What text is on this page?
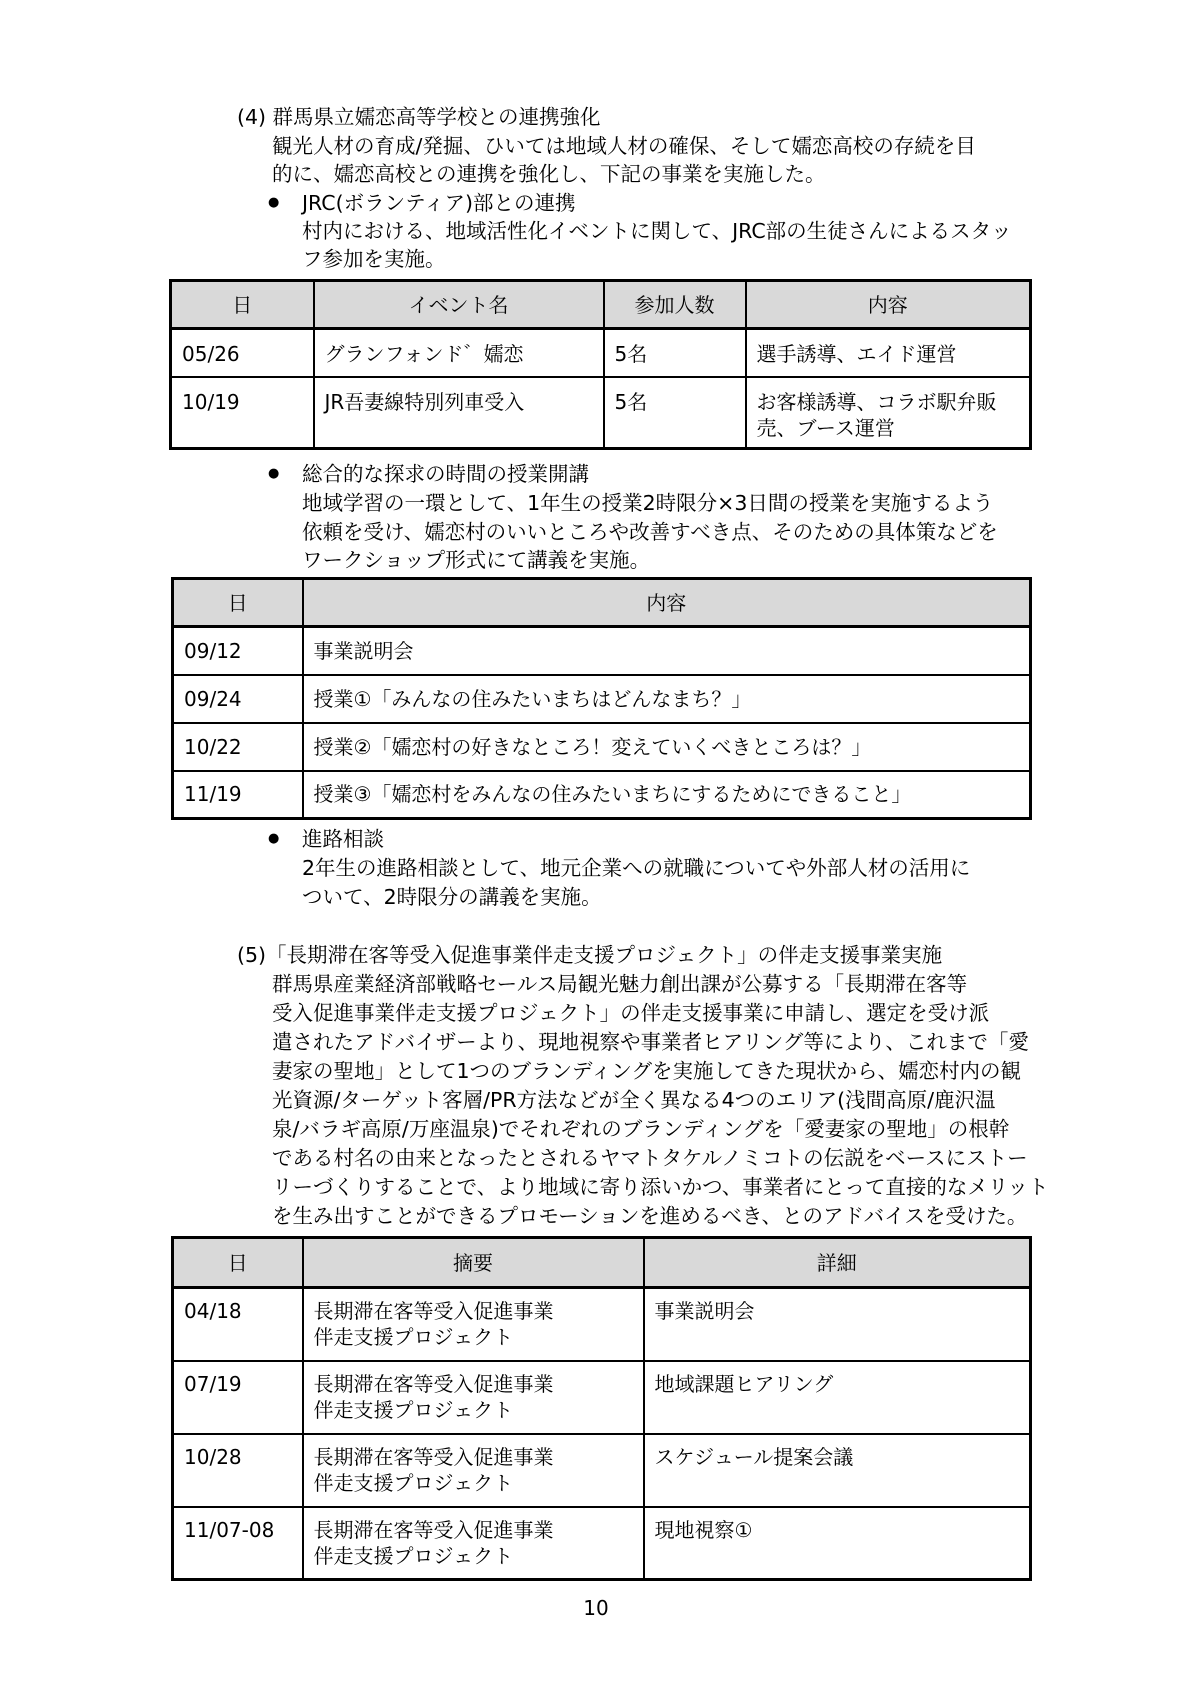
(4) 群馬県立嬬恋高等学校との連携強化
観光人材の育成/発掘、ひいては地域人材の確保、そして嬬恋高校の存続を目
的に、嬬恋高校との連携を強化し、下記の事業を実施した。
● JRC(ボランティア)部との連携
村内における、地域活性化イベントに関して、JRC部の生徒さんによるスタッ
フ参加を実施。
日	イベント名	参加人数	内容
05/26	グランフォンド゛嬬恋	5名	選手誘導、エイド運営
10/19	JR吾妻線特別列車受入	5名	お客様誘導、コラボ駅弁販
売、ブース運営
● 総合的な探求の時間の授業開講
地域学習の一環として、1年生の授業2時限分×3日間の授業を実施するよう
依頼を受け、嬬恋村のいいところや改善すべき点、そのための具体策などを
ワークショップ形式にて講義を実施。
日	内容
09/12	事業説明会
09/24	授業①「みんなの住みたいまちはどんなまち？」
10/22	授業②「嬬恋村の好きなところ！変えていくべきところは？」
11/19	授業③「嬬恋村をみんなの住みたいまちにするためにできること」
● 進路相談
2年生の進路相談として、地元企業への就職についてや外部人材の活用に
ついて、2時限分の講義を実施。
(5)「長期滞在客等受入促進事業伴走支援プロジェクト」の伴走支援事業実施
群馬県産業経済部戦略セールス局観光魅力創出課が公募する「長期滞在客等
受入促進事業伴走支援プロジェクト」の伴走支援事業に申請し、選定を受け派
遣されたアドバイザーより、現地視察や事業者ヒアリング等により、これまで「愛
妻家の聖地」として1つのブランディングを実施してきた現状から、嬬恋村内の観
光資源/ターゲット客層/PR方法などが全く異なる4つのエリア(浅間高原/鹿沢温
泉/バラギ高原/万座温泉)でそれぞれのブランディングを「愛妻家の聖地」の根幹
である村名の由来となったとされるヤマトタケルノミコトの伝説をベースにストー
リーづくりすることで、より地域に寄り添いかつ、事業者にとって直接的なメリット
を生み出すことができるプロモーションを進めるべき、とのアドバイスを受けた。
日	摘要	詳細
04/18	長期滞在客等受入促進事業
伴走支援プロジェクト	事業説明会
07/19	長期滞在客等受入促進事業
伴走支援プロジェクト	地域課題ヒアリング
10/28	長期滞在客等受入促進事業
伴走支援プロジェクト	スケジュール提案会議
11/07-08	長期滞在客等受入促進事業
伴走支援プロジェクト	現地視察①
10
